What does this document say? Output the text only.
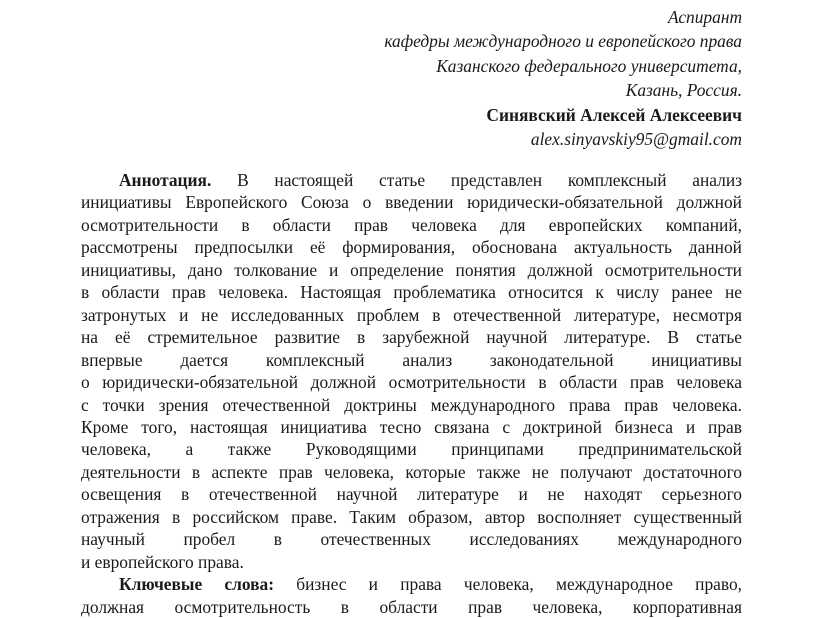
Аспирант
кафедры международного и европейского права
Казанского федерального университета,
Казань, Россия.
Синявский Алексей Алексеевич
alex.sinyavskiy95@gmail.com
Аннотация. В настоящей статье представлен комплексный анализ
инициативы Европейского Союза о введении юридически-обязательной должной
осмотрительности в области прав человека для европейских компаний,
рассмотрены предпосылки её формирования, обоснована актуальность данной
инициативы, дано толкование и определение понятия должной осмотрительности
в области прав человека. Настоящая проблематика относится к числу ранее не
затронутых и не исследованных проблем в отечественной литературе, несмотря
на её стремительное развитие в зарубежной научной литературе. В статье
впервые дается комплексный анализ законодательной инициативы
о юридически-обязательной должной осмотрительности в области прав человека
с точки зрения отечественной доктрины международного права прав человека.
Кроме того, настоящая инициатива тесно связана с доктриной бизнеса и прав
человека, а также Руководящими принципами предпринимательской
деятельности в аспекте прав человека, которые также не получают достаточного
освещения в отечественной научной литературе и не находят серьезного
отражения в российском праве. Таким образом, автор восполняет существенный
научный пробел в отечественных исследованиях международного
и европейского права.
Ключевые слова: бизнес и права человека, международное право,
должная осмотрительность в области прав человека, корпоративная
